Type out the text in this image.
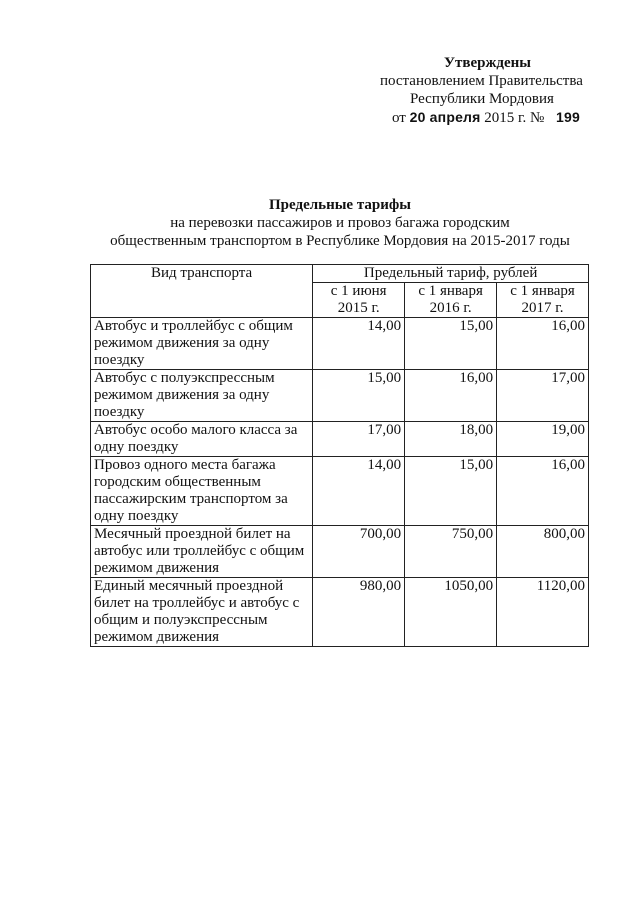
Утверждены
постановлением Правительства
Республики Мордовия
от 20 апреля 2015 г. № 199
Предельные тарифы
на перевозки пассажиров и провоз багажа городским
общественным транспортом в Республике Мордовия на 2015-2017 годы
Вид транспорта	Предельный тариф, рублей		
	с 1 июня 2015 г.	с 1 января 2016 г.	с 1 января 2017 г.
Автобус и троллейбус с общим режимом движения за одну поездку	14,00	15,00	16,00
Автобус с полуэкспрессным режимом движения за одну поездку	15,00	16,00	17,00
Автобус особо малого класса за одну поездку	17,00	18,00	19,00
Провоз одного места багажа городским общественным пассажирским транспортом за одну поездку	14,00	15,00	16,00
Месячный проездной билет на автобус или троллейбус с общим режимом движения	700,00	750,00	800,00
Единый месячный проездной билет на троллейбус и автобус с общим и полуэкспрессным режимом движения	980,00	1050,00	1120,00
